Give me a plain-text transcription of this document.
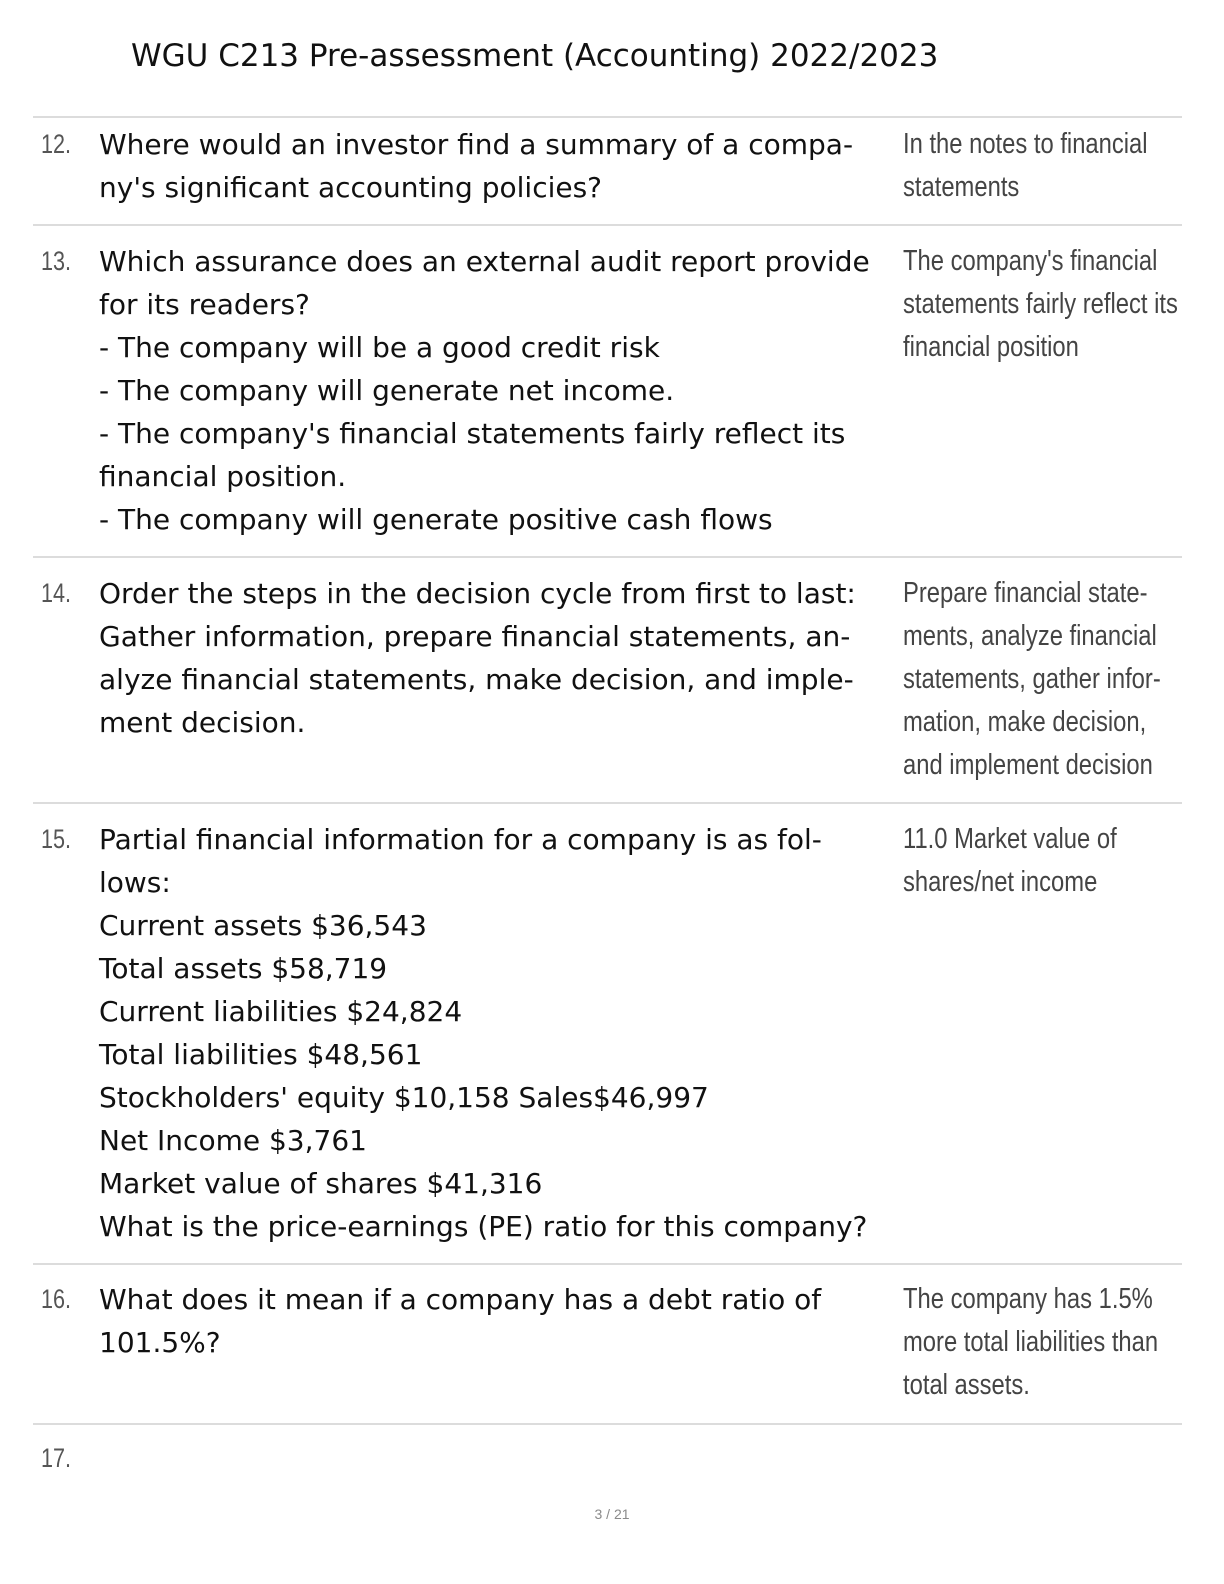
WGU C213 Pre-assessment (Accounting) 2022/2023
12. Where would an investor find a summary of a compa-
ny's significant accounting policies?
In the notes to financial
statements
13. Which assurance does an external audit report provide
for its readers?
- The company will be a good credit risk
- The company will generate net income.
- The company's financial statements fairly reflect its
financial position.
- The company will generate positive cash flows
The company's financial
statements fairly reflect its
financial position
14. Order the steps in the decision cycle from first to last:
Gather information, prepare financial statements, an-
alyze financial statements, make decision, and imple-
ment decision.
Prepare financial state-
ments, analyze financial
statements, gather infor-
mation, make decision,
and implement decision
15. Partial financial information for a company is as fol-
lows:
Current assets $36,543
Total assets $58,719
Current liabilities $24,824
Total liabilities $48,561
Stockholders' equity $10,158 Sales$46,997
Net Income $3,761
Market value of shares $41,316
What is the price-earnings (PE) ratio for this company?
11.0 Market value of
shares/net income
16. What does it mean if a company has a debt ratio of
101.5%?
The company has 1.5%
more total liabilities than
total assets.
17.
3 / 21
